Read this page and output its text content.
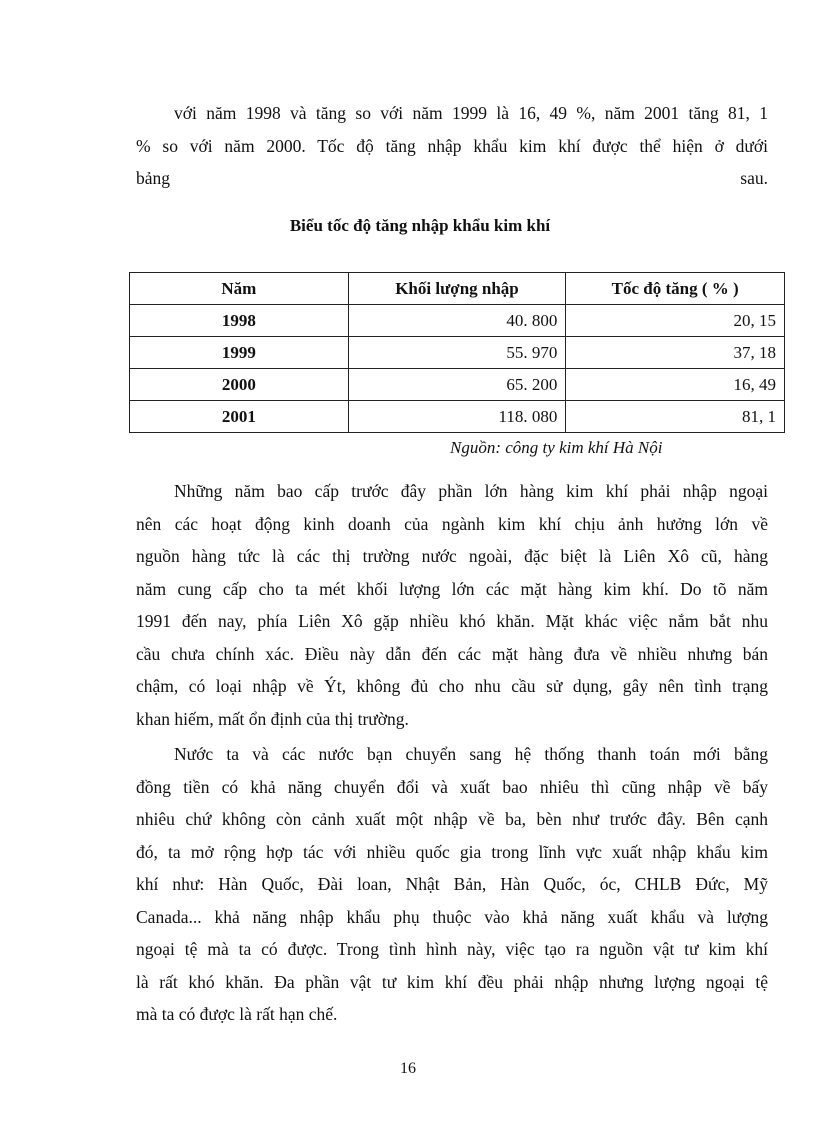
với năm 1998 và tăng so với năm 1999 là 16, 49 %, năm 2001 tăng 81, 1
% so với năm 2000. Tốc độ tăng nhập khẩu kim khí được thể hiện ở dưới
bảng	sau.
Biểu tốc độ tăng nhập khẩu kim khí
Năm	Khối lượng nhập	Tốc độ tăng ( % )
1998	40. 800	20, 15
1999	55. 970	37, 18
2000	65. 200	16, 49
2001	118. 080	81, 1
Nguồn: công ty kim khí Hà Nội
Những năm bao cấp trước đây phần lớn hàng kim khí phải nhập ngoại
nên các hoạt động kinh doanh của ngành kim khí chịu ảnh hưởng lớn về
nguồn hàng tức là các thị trường nước ngoài, đặc biệt là Liên Xô cũ, hàng
năm cung cấp cho ta mét khối lượng lớn các mặt hàng kim khí. Do tõ năm
1991 đến nay, phía Liên Xô gặp nhiều khó khăn. Mặt khác việc nắm bắt nhu
cầu chưa chính xác. Điều này dẫn đến các mặt hàng đưa về nhiều nhưng bán
chậm, có loại nhập về Ýt, không đủ cho nhu cầu sử dụng, gây nên tình trạng
khan hiếm, mất ổn định của thị trường.
Nước ta và các nước bạn chuyển sang hệ thống thanh toán mới bằng
đồng tiền có khả năng chuyển đổi và xuất bao nhiêu thì cũng nhập về bấy
nhiêu chứ không còn cảnh xuất một nhập về ba, bèn như trước đây. Bên cạnh
đó, ta mở rộng hợp tác với nhiều quốc gia trong lĩnh vực xuất nhập khẩu kim
khí như: Hàn Quốc, Đài loan, Nhật Bản, Hàn Quốc, óc, CHLB Đức, Mỹ
Canada... khả năng nhập khẩu phụ thuộc vào khả năng xuất khẩu và lượng
ngoại tệ mà ta có được. Trong tình hình này, việc tạo ra nguồn vật tư kim khí
là rất khó khăn. Đa phần vật tư kim khí đều phải nhập nhưng lượng ngoại tệ
mà ta có được là rất hạn chế.
16
